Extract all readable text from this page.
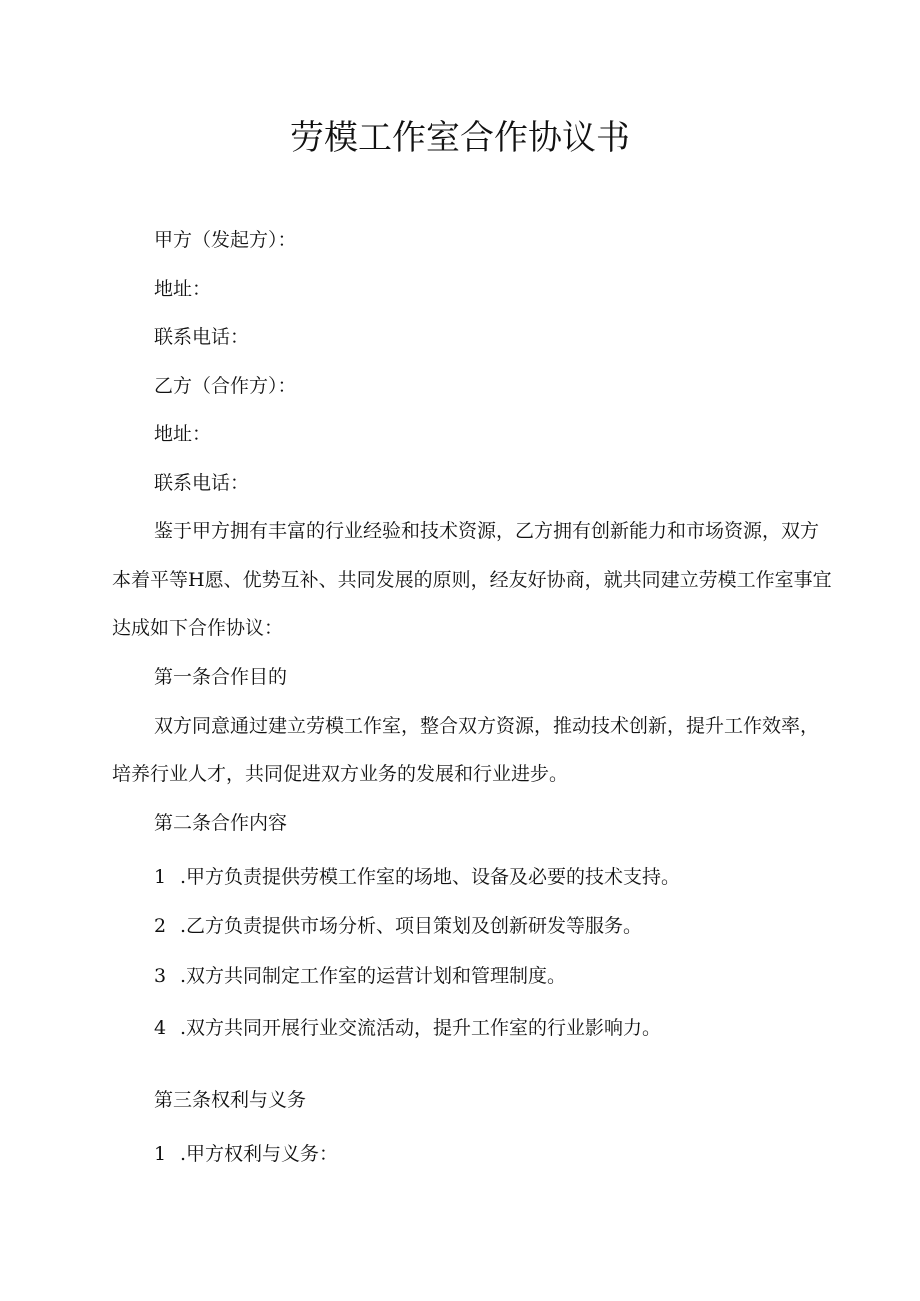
劳模工作室合作协议书

甲方（发起方）：

地址：

联系电话：

乙方（合作方）：

地址：

联系电话：

鉴于甲方拥有丰富的行业经验和技术资源，乙方拥有创新能力和市场资源，双方

本着平等H愿、优势互补、共同发展的原则，经友好协商，就共同建立劳模工作室事宜

达成如下合作协议：

第一条合作目的

双方同意通过建立劳模工作室，整合双方资源，推动技术创新，提升工作效率，

培养行业人才，共同促进双方业务的发展和行业进步。

第二条合作内容

1 .甲方负责提供劳模工作室的场地、设备及必要的技术支持。

2 .乙方负责提供市场分析、项目策划及创新研发等服务。

3 .双方共同制定工作室的运营计划和管理制度。

4 .双方共同开展行业交流活动，提升工作室的行业影响力。

第三条权利与义务

1 .甲方权利与义务：
